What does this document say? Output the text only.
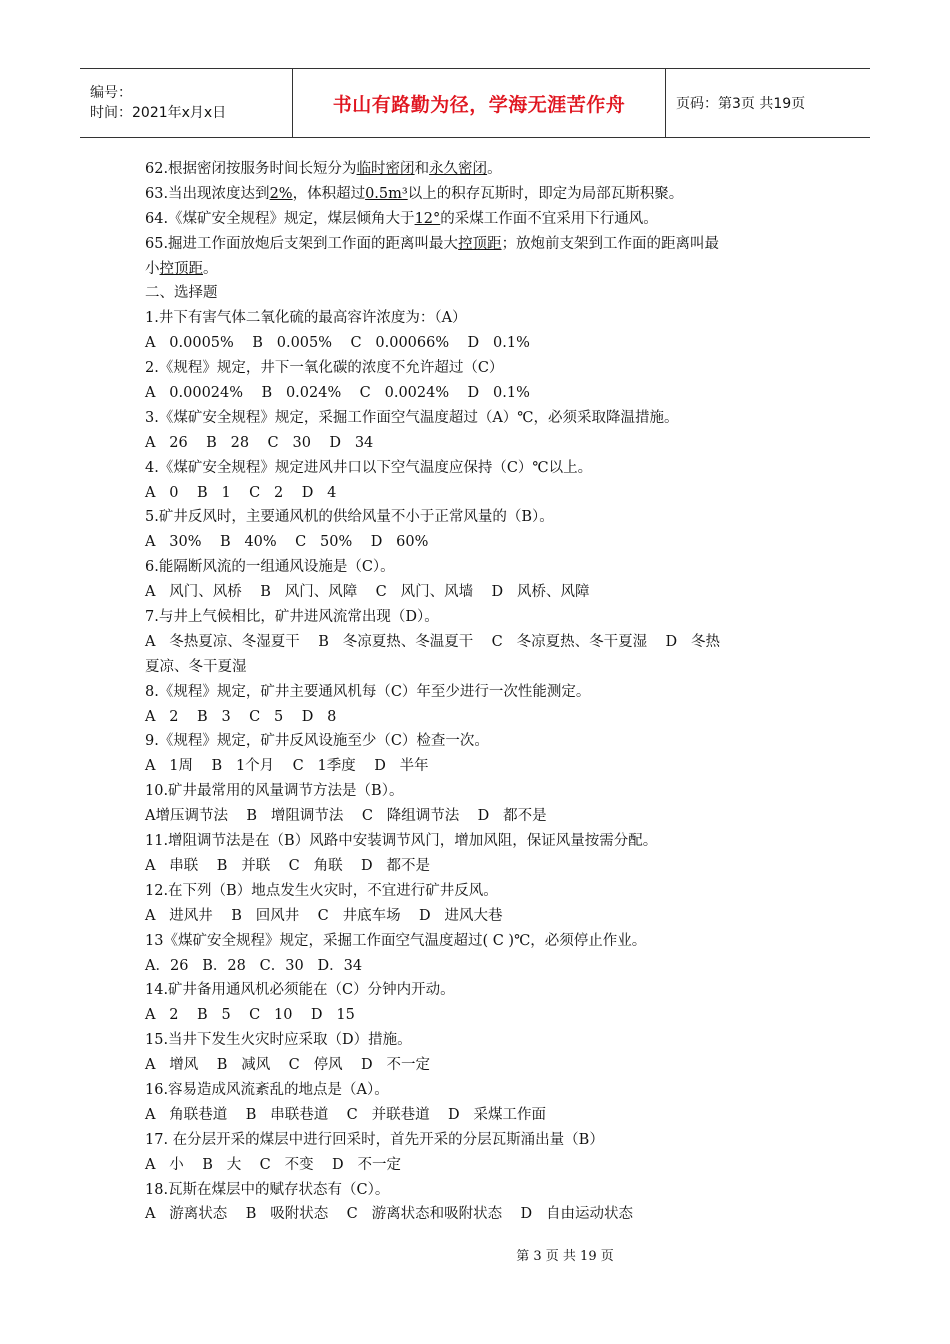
编号：
时间：2021年x月x日	书山有路勤为径，学海无涯苦作舟	页码：第3页 共19页
62.根据密闭按服务时间长短分为临时密闭和永久密闭。
63.当出现浓度达到2%，体积超过0.5m³以上的积存瓦斯时，即定为局部瓦斯积聚。
64.《煤矿安全规程》规定，煤层倾角大于12°的采煤工作面不宜采用下行通风。
65.掘进工作面放炮后支架到工作面的距离叫最大控顶距；放炮前支架到工作面的距离叫最
小控顶距。
二、选择题
1.井下有害气体二氧化硫的最高容许浓度为：（A）
A   0.0005%    B   0.005%    C   0.00066%    D   0.1%
2.《规程》规定，井下一氧化碳的浓度不允许超过（C）
A   0.00024%    B   0.024%    C   0.0024%    D   0.1%
3.《煤矿安全规程》规定，采掘工作面空气温度超过（A）℃，必须采取降温措施。
A   26    B   28    C   30    D   34
4.《煤矿安全规程》规定进风井口以下空气温度应保持（C）℃以上。
A   0    B   1    C   2    D   4
5.矿井反风时，主要通风机的供给风量不小于正常风量的（B）。
A   30%    B   40%    C   50%    D   60%
6.能隔断风流的一组通风设施是（C）。
A   风门、风桥    B   风门、风障    C   风门、风墙    D   风桥、风障
7.与井上气候相比，矿井进风流常出现（D）。
A   冬热夏凉、冬湿夏干    B   冬凉夏热、冬温夏干    C   冬凉夏热、冬干夏湿    D   冬热
夏凉、冬干夏湿
8.《规程》规定，矿井主要通风机每（C）年至少进行一次性能测定。
A   2    B   3    C   5    D   8
9.《规程》规定，矿井反风设施至少（C）检查一次。
A   1周    B   1个月    C   1季度    D   半年
10.矿井最常用的风量调节方法是（B）。
A增压调节法    B   增阻调节法    C   降组调节法    D   都不是
11.增阻调节法是在（B）风路中安装调节风门，增加风阻，保证风量按需分配。
A   串联    B   并联    C   角联    D   都不是
12.在下列（B）地点发生火灾时，不宜进行矿井反风。
A   进风井    B   回风井    C   井底车场    D   进风大巷
13《煤矿安全规程》规定，采掘工作面空气温度超过( C )℃，必须停止作业。
A．26   B．28   C．30   D．34
14.矿井备用通风机必须能在（C）分钟内开动。
A   2    B   5    C   10    D   15
15.当井下发生火灾时应采取（D）措施。
A   增风    B   减风    C   停风    D   不一定
16.容易造成风流紊乱的地点是（A）。
A   角联巷道    B   串联巷道    C   并联巷道    D   采煤工作面
17. 在分层开采的煤层中进行回采时，首先开采的分层瓦斯涌出量（B）
A   小    B   大    C   不变    D   不一定
18.瓦斯在煤层中的赋存状态有（C）。
A   游离状态    B   吸附状态    C   游离状态和吸附状态    D   自由运动状态
第 3 页 共 19 页
